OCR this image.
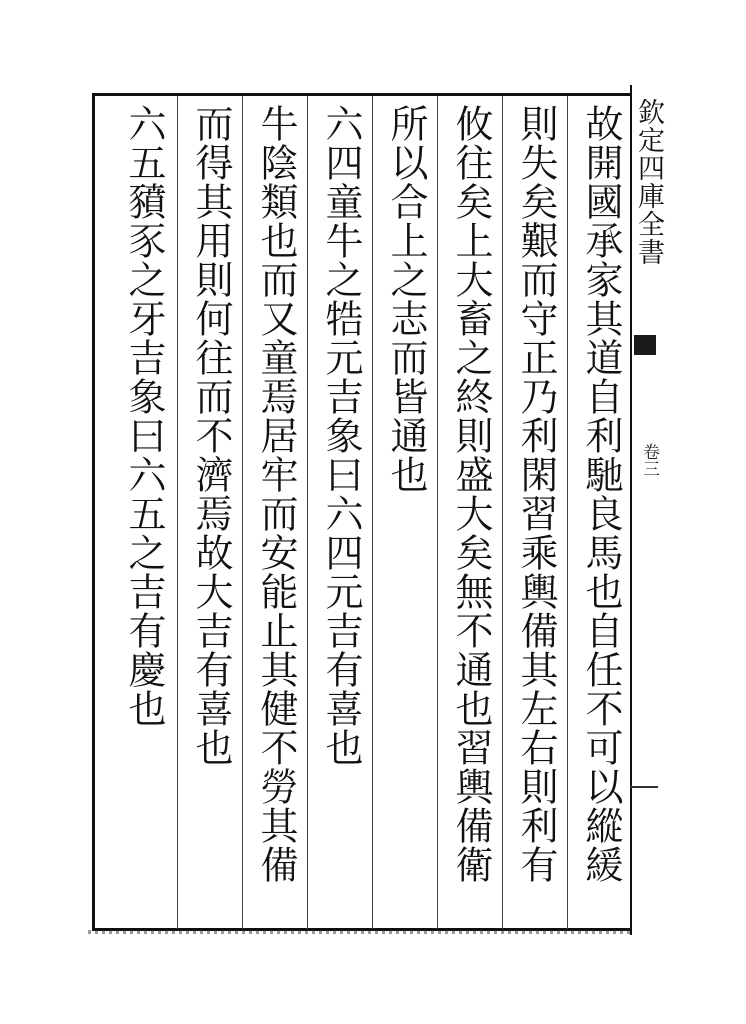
欽定四庫全書
卷三
故開國承家其道自利馳良馬也自任不可以縱緩
則失矣艱而守正乃利閑習乘輿備其左右則利有
攸往矣上大畜之終則盛大矣無不通也習輿備衛
所以合上之志而皆通也
六四童牛之牿元吉象曰六四元吉有喜也
牛陰類也而又童焉居牢而安能止其健不勞其備
而得其用則何往而不濟焉故大吉有喜也
六五豶豕之牙吉象曰六五之吉有慶也
